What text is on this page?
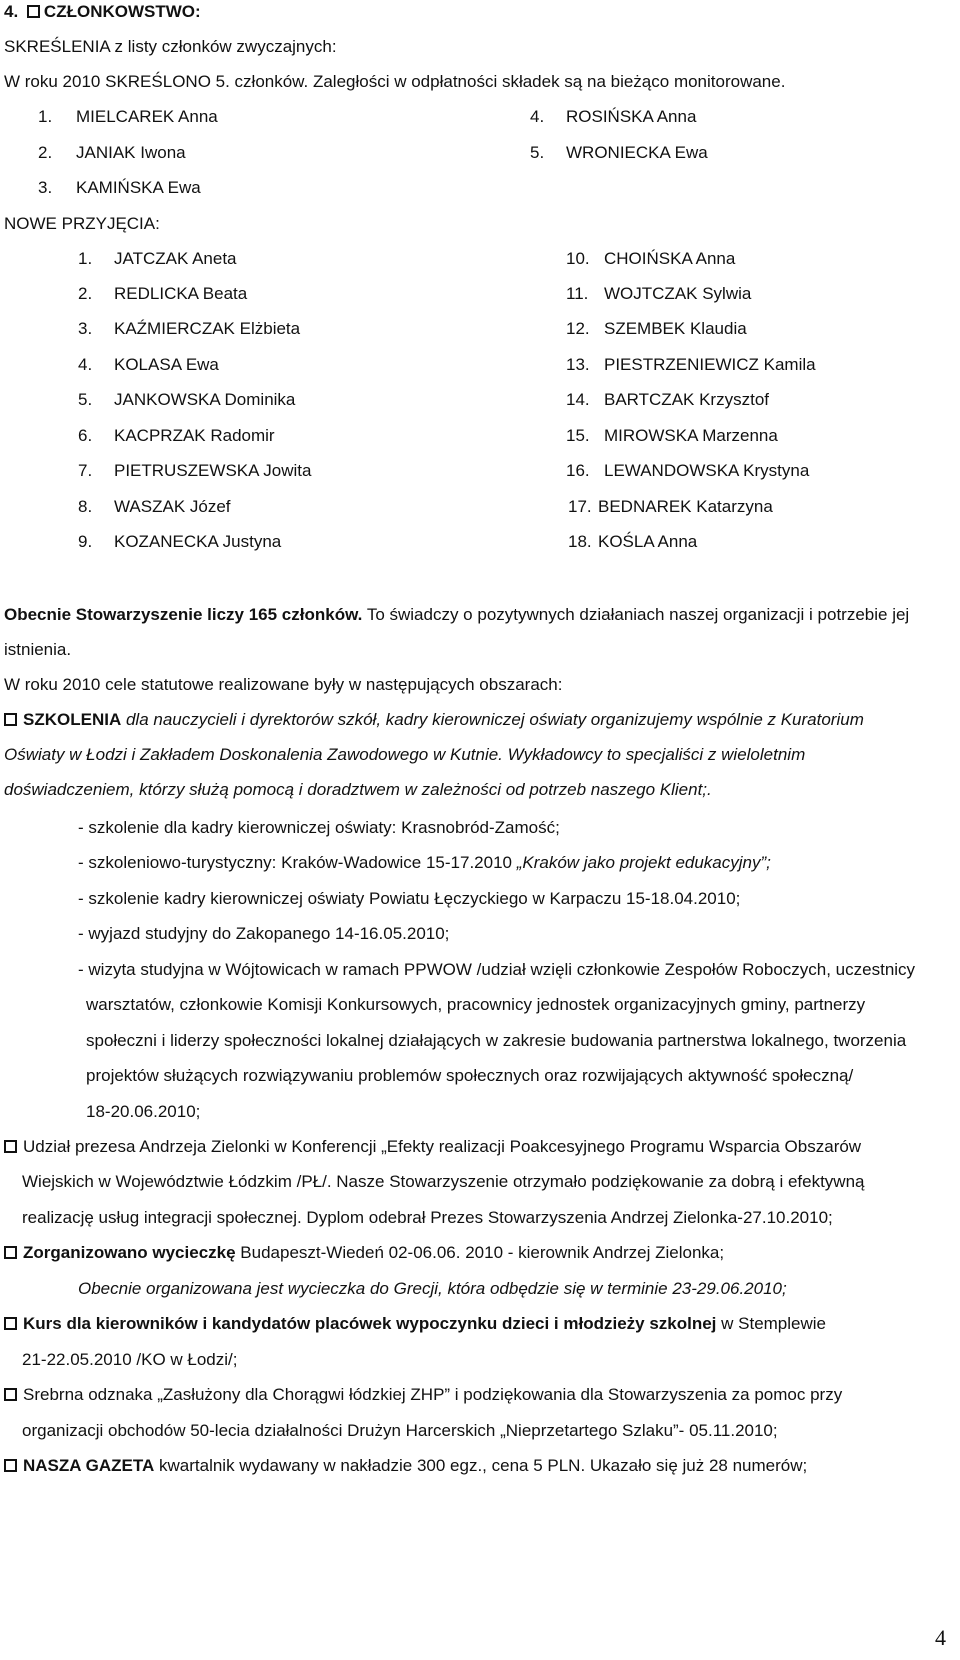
4. CZŁONKOWSTWO:
SKREŚLENIA z listy członków zwyczajnych:
W roku 2010 SKREŚLONO 5. członków. Zaległości w odpłatności składek są na bieżąco monitorowane.
1. MIELCAREK Anna
2. JANIAK Iwona
3. KAMIŃSKA Ewa
4. ROSIŃSKA Anna
5. WRONIECKA Ewa
NOWE PRZYJĘCIA:
1. JATCZAK Aneta
2. REDLICKA Beata
3. KAŹMIERCZAK Elżbieta
4. KOLASA Ewa
5. JANKOWSKA Dominika
6. KACPRZAK Radomir
7. PIETRUSZEWSKA Jowita
8. WASZAK Józef
9. KOZANECKA Justyna
10. CHOIŃSKA Anna
11. WOJTCZAK Sylwia
12. SZEMBEK Klaudia
13. PIESTRZENIEWICZ Kamila
14. BARTCZAK Krzysztof
15. MIROWSKA Marzenna
16. LEWANDOWSKA Krystyna
17. BEDNAREK Katarzyna
18. KOŚLA Anna
Obecnie Stowarzyszenie liczy 165 członków. To świadczy o pozytywnych działaniach naszej organizacji i potrzebie jej
istnienia.
W roku 2010 cele statutowe realizowane były w następujących obszarach:
SZKOLENIA dla nauczycieli i dyrektorów szkół, kadry kierowniczej oświaty organizujemy wspólnie z Kuratorium
Oświaty w Łodzi i Zakładem Doskonalenia Zawodowego w Kutnie. Wykładowcy to specjaliści z wieloletnim
doświadczeniem, którzy służą pomocą i doradztwem w zależności od potrzeb naszego Klient;.
- szkolenie dla kadry kierowniczej oświaty: Krasnobród-Zamość;
- szkoleniowo-turystyczny: Kraków-Wadowice 15-17.2010 „Kraków jako projekt edukacyjny”;
- szkolenie kadry kierowniczej oświaty Powiatu Łęczyckiego w Karpaczu 15-18.04.2010;
- wyjazd studyjny do Zakopanego 14-16.05.2010;
- wizyta studyjna w Wójtowicach w ramach PPWOW /udział wzięli członkowie Zespołów Roboczych, uczestnicy
warsztatów, członkowie Komisji Konkursowych, pracownicy jednostek organizacyjnych gminy, partnerzy
społeczni i liderzy społeczności lokalnej działających w zakresie budowania partnerstwa lokalnego, tworzenia
projektów służących rozwiązywaniu problemów społecznych oraz rozwijających aktywność społeczną/
18-20.06.2010;
Udział prezesa Andrzeja Zielonki w Konferencji „Efekty realizacji Poakcesyjnego Programu Wsparcia Obszarów
Wiejskich w Województwie Łódzkim /PŁ/. Nasze Stowarzyszenie otrzymało podziękowanie za dobrą i efektywną
realizację usług integracji społecznej. Dyplom odebrał Prezes Stowarzyszenia Andrzej Zielonka-27.10.2010;
Zorganizowano wycieczkę Budapeszt-Wiedeń 02-06.06. 2010 - kierownik Andrzej Zielonka;
Obecnie organizowana jest wycieczka do Grecji, która odbędzie się w terminie 23-29.06.2010;
Kurs dla kierowników i kandydatów placówek wypoczynku dzieci i młodzieży szkolnej w Stemplewie
21-22.05.2010 /KO w Łodzi/;
Srebrna odznaka „Zasłużony dla Chorągwi łódzkiej ZHP” i podziękowania dla Stowarzyszenia za pomoc przy
organizacji obchodów 50-lecia działalności Drużyn Harcerskich „Nieprzetartego Szlaku”- 05.11.2010;
NASZA GAZETA kwartalnik wydawany w nakładzie 300 egz., cena 5 PLN. Ukazało się już 28 numerów;
4
